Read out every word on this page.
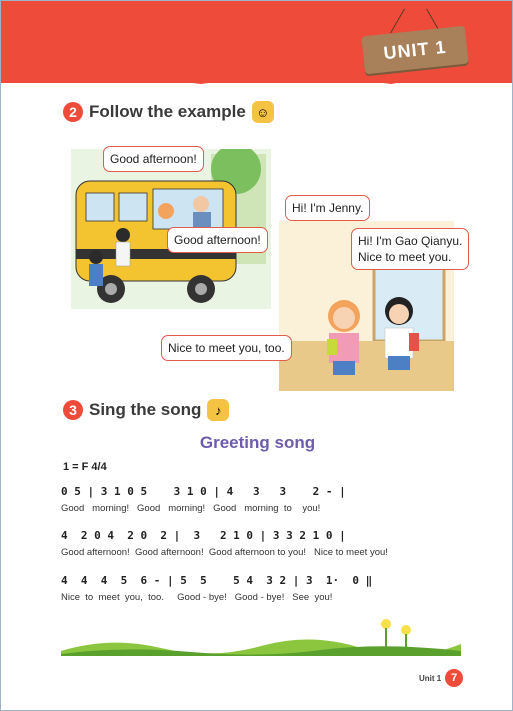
UNIT 1
2 Follow the example ☺
Good afternoon!
Good afternoon!
Hi! I'm Jenny.
Hi! I'm Gao Qianyu.
Nice to meet you.
Nice to meet you, too.
3 Sing the song	♪
Greeting song
1 = F 4/4
0 5 | 3 1 0 5    3 1 0 | 4   3   3    2 - |
Good   morning!   Good   morning!   Good   morning  to    you!
4  2 0 4  2 0  2 |  3   2 1 0 | 3 3 2 1 0 |
Good afternoon!  Good afternoon!  Good afternoon to you!   Nice to meet you!
4  4  4  5  6 - | 5  5    5 4  3 2 | 3  1·  0 ‖
Nice  to  meet  you,  too.     Good - bye!   Good - bye!   See  you!
Unit 1 7
